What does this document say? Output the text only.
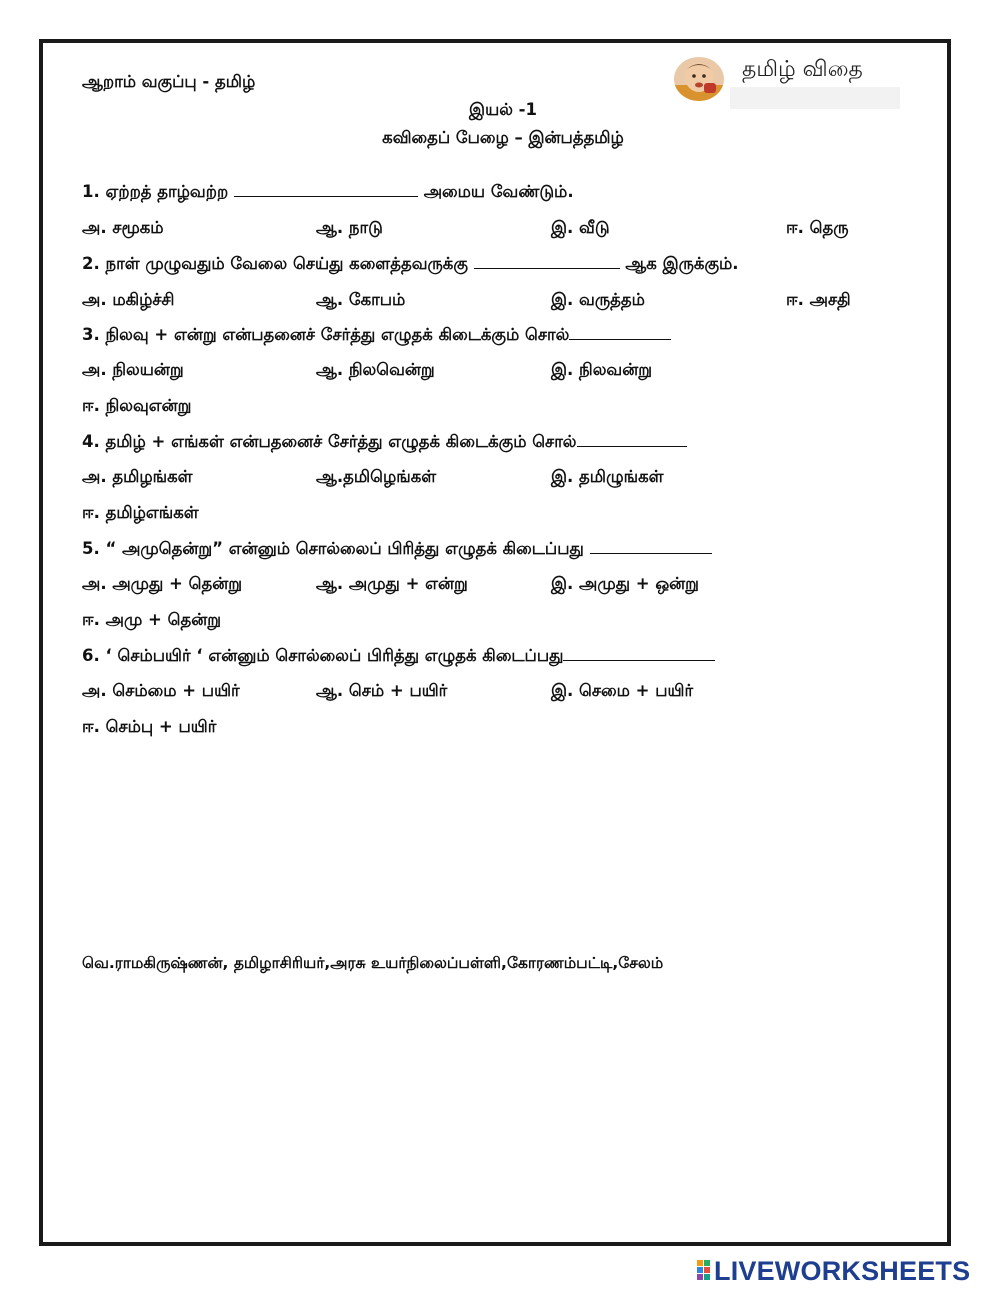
ஆறாம் வகுப்பு - தமிழ்	தமிழ் விதை
இயல் -1
கவிதைப் பேழை – இன்பத்தமிழ்
1. ஏற்றத் தாழ்வற்ற	அமைய வேண்டும்.
அ. சமூகம்	ஆ. நாடு	இ. வீடு	ஈ. தெரு
2. நாள் முழுவதும் வேலை செய்து களைத்தவருக்கு	ஆக இருக்கும்.
அ. மகிழ்ச்சி	ஆ. கோபம்	இ. வருத்தம்	ஈ. அசதி
3. நிலவு + என்று என்பதனைச் சேர்த்து எழுதக் கிடைக்கும் சொல்
அ. நிலயன்று	ஆ. நிலவென்று	இ. நிலவன்று
ஈ. நிலவுஎன்று
4. தமிழ் + எங்கள் என்பதனைச் சேர்த்து எழுதக் கிடைக்கும் சொல்
அ. தமிழங்கள்	ஆ.தமிழெங்கள்	இ. தமிழுங்கள்
ஈ. தமிழ்எங்கள்
5. “ அமுதென்று” என்னும் சொல்லைப் பிரித்து எழுதக் கிடைப்பது
அ. அமுது + தென்று	ஆ. அமுது + என்று	இ. அமுது + ஒன்று
ஈ. அமு + தென்று
6. ‘ செம்பயிர் ‘ என்னும் சொல்லைப் பிரித்து எழுதக் கிடைப்பது
அ. செம்மை + பயிர்	ஆ. செம் + பயிர்	இ. செமை + பயிர்
ஈ. செம்பு + பயிர்
வெ.ராமகிருஷ்ணன், தமிழாசிரியர்,அரசு உயர்நிலைப்பள்ளி,கோரணம்பட்டி,சேலம்
LIVEWORKSHEETS
